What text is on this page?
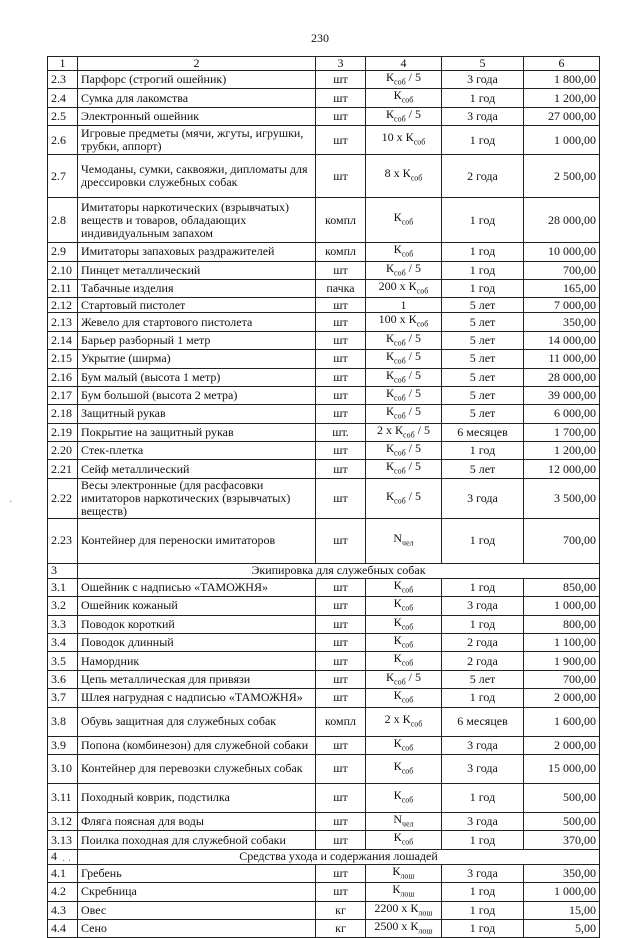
230
1	2	3	4	5	6
2.3	Парфорс (строгий ошейник)	шт	$К_{соб} / 5$	3 года	1 800,00
2.4	Сумка для лакомства	шт	$К_{соб}$	1 год	1 200,00
2.5	Электронный ошейник	шт	$К_{соб} / 5$	3 года	27 000,00
2.6	Игровые предметы (мячи, жгуты, игрушки, трубки, аппорт)	шт	10 х $К_{соб}$	1 год	1 000,00
2.7	Чемоданы, сумки, саквояжи, дипломаты для дрессировки служебных собак	шт	8 х $К_{соб}$	2 года	2 500,00
2.8	Имитаторы наркотических (взрывчатых) веществ и товаров, обладающих индивидуальным запахом	компл	$К_{соб}$	1 год	28 000,00
2.9	Имитаторы запаховых раздражителей	компл	$К_{соб}$	1 год	10 000,00
2.10	Пинцет металлический	шт	$К_{соб} / 5$	1 год	700,00
2.11	Табачные изделия	пачка	200 х $К_{соб}$	1 год	165,00
2.12	Стартовый пистолет	шт	1	5 лет	7 000,00
2.13	Жевело для стартового пистолета	шт	100 х $К_{соб}$	5 лет	350,00
2.14	Барьер разборный 1 метр	шт	$К_{соб} / 5$	5 лет	14 000,00
2.15	Укрытие (ширма)	шт	$К_{соб} / 5$	5 лет	11 000,00
2.16	Бум малый (высота 1 метр)	шт	$К_{соб} / 5$	5 лет	28 000,00
2.17	Бум большой (высота 2 метра)	шт	$К_{соб} / 5$	5 лет	39 000,00
2.18	Защитный рукав	шт	$К_{соб} / 5$	5 лет	6 000,00
2.19	Покрытие на защитный рукав	шт.	2 х $К_{соб} / 5$	6 месяцев	1 700,00
2.20	Стек-плетка	шт	$К_{соб} / 5$	1 год	1 200,00
2.21	Сейф металлический	шт	$К_{соб} / 5$	5 лет	12 000,00
2.22	Весы электронные (для расфасовки имитаторов наркотических (взрывчатых) веществ)	шт	$К_{соб} / 5$	3 года	3 500,00
2.23	Контейнер для переноски имитаторов	шт	$N_{чел}$	1 год	700,00
3	Экипировка для служебных собак				
3.1	Ошейник с надписью «ТАМОЖНЯ»	шт	$К_{соб}$	1 год	850,00
3.2	Ошейник кожаный	шт	$К_{соб}$	3 года	1 000,00
3.3	Поводок короткий	шт	$К_{соб}$	1 год	800,00
3.4	Поводок длинный	шт	$К_{соб}$	2 года	1 100,00
3.5	Намордник	шт	$К_{соб}$	2 года	1 900,00
3.6	Цепь металлическая для привязи	шт	$К_{соб} / 5$	5 лет	700,00
3.7	Шлея нагрудная с надписью «ТАМОЖНЯ»	шт	$К_{соб}$	1 год	2 000,00
3.8	Обувь защитная для служебных собак	компл	2 х $К_{соб}$	6 месяцев	1 600,00
3.9	Попона (комбинезон) для служебной собаки	шт	$К_{соб}$	3 года	2 000,00
3.10	Контейнер для перевозки служебных собак	шт	$К_{соб}$	3 года	15 000,00
3.11	Походный коврик, подстилка	шт	$К_{соб}$	1 год	500,00
3.12	Фляга поясная для воды	шт	$N_{чел}$	3 года	500,00
3.13	Поилка походная для служебной собаки	шт	$К_{соб}$	1 год	370,00
4	Средства ухода и содержания лошадей				
4.1	Гребень	шт	$К_{лош}$	3 года	350,00
4.2	Скребница	шт	$К_{лош}$	1 год	1 000,00
4.3	Овес	кг	2200 х $К_{лош}$	1 год	15,00
4.4	Сено	кг	2500 х $К_{лош}$	1 год	5,00
·
· ·
